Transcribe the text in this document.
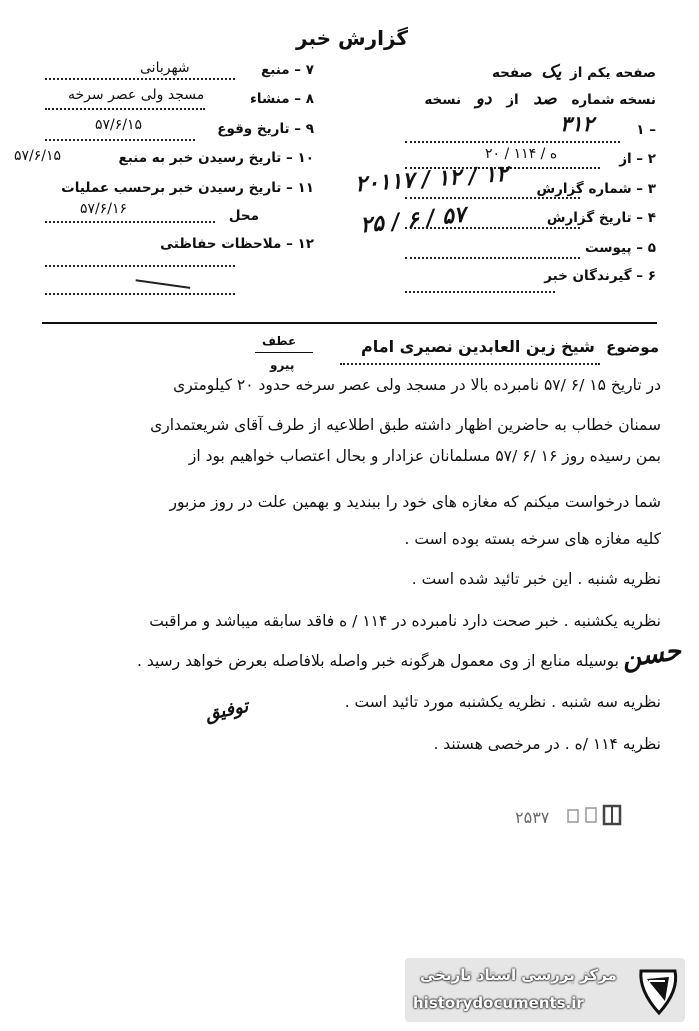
گزارش خبر
صفحه یکم از یک صفحه
نسخه شماره صد از دو نسخه
۱ –
۳۱۲
۲ – از
۲۰ / ۱۱۴ / ه
۳ – شماره گزارش
۲۰۱۱۷ / ۱۲ / ۱۲
۴ – تاریخ گزارش
۲۵ / ۶ / ۵۷
۵ – پیوست
۶ – گیرندگان خبر
۷ – منبع
شهربانی
۸ – منشاء
مسجد ولی عصر سرخه
۹ – تاریخ وقوع
۵۷/۶/۱۵
۱۰ – تاریخ رسیدن خبر به منبع
۵۷/۶/۱۵
۱۱ – تاریخ رسیدن خبر برحسب عملیات
محل
۵۷/۶/۱۶
۱۲ – ملاحظات حفاظتی
موضوع شیخ زین العابدین نصیری امام
عطف
پیرو
در تاریخ ۱۵ /۶ /۵۷ نامبرده بالا در مسجد ولی عصر سرخه حدود ۲۰ کیلومتری
سمنان خطاب به حاضرین اظهار داشته طبق اطلاعیه از طرف آقای شریعتمداری
بمن رسیده روز ۱۶ /۶ /۵۷ مسلمانان عزادار و بحال اعتصاب خواهیم بود از
شما درخواست میکنم که مغازه های خود را ببندید و بهمین علت در روز مزبور
کلیه مغازه های سرخه بسته بوده است .
نظریه شنبه . این خبر تائید شده است .
نظریه یکشنبه . خبر صحت دارد نامبرده در ۱۱۴ / ه فاقد سابقه میباشد و مراقبت
بوسیله منابع از وی معمول هرگونه خبر واصله بلافاصله بعرض خواهد رسید .
نظریه سه شنبه . نظریه یکشنبه مورد تائید است .
نظریه ۱۱۴ /ه . در مرخصی هستند .
حسن
توفیق
۲۵۳۷
مرکز بررسی اسناد تاریخی
historydocuments.ir
